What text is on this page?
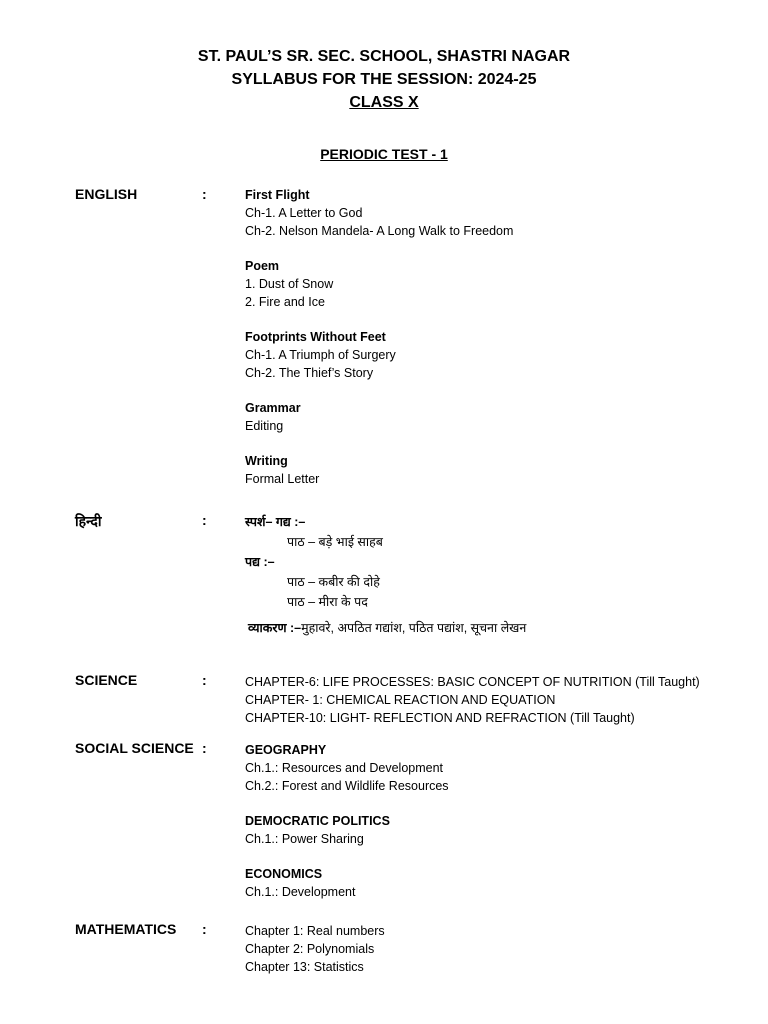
ST. PAUL’S SR. SEC. SCHOOL, SHASTRI NAGAR
SYLLABUS FOR THE SESSION: 2024-25
CLASS X
PERIODIC TEST - 1
ENGLISH	:	First Flight
Ch-1. A Letter to God
Ch-2. Nelson Mandela- A Long Walk to Freedom
Poem
1. Dust of Snow
2. Fire and Ice
Footprints Without Feet
Ch-1. A Triumph of Surgery
Ch-2. The Thief’s Story
Grammar
Editing
Writing
Formal Letter
हिन्दी	:	स्पर्श– गद्य :–
पाठ – बड़े भाई साहब
पद्य :–
पाठ – कबीर की दोहे
पाठ – मीरा के पद
व्याकरण :–मुहावरे, अपठित गद्यांश, पठित पद्यांश, सूचना लेखन
SCIENCE	:	CHAPTER-6: LIFE PROCESSES: BASIC CONCEPT OF NUTRITION (Till Taught)
CHAPTER- 1: CHEMICAL REACTION AND EQUATION
CHAPTER-10: LIGHT- REFLECTION AND REFRACTION (Till Taught)
SOCIAL SCIENCE :	GEOGRAPHY
Ch.1.: Resources and Development
Ch.2.: Forest and Wildlife Resources
DEMOCRATIC POLITICS
Ch.1.: Power Sharing
ECONOMICS
Ch.1.: Development
MATHEMATICS :	Chapter 1: Real numbers
Chapter 2: Polynomials
Chapter 13: Statistics
